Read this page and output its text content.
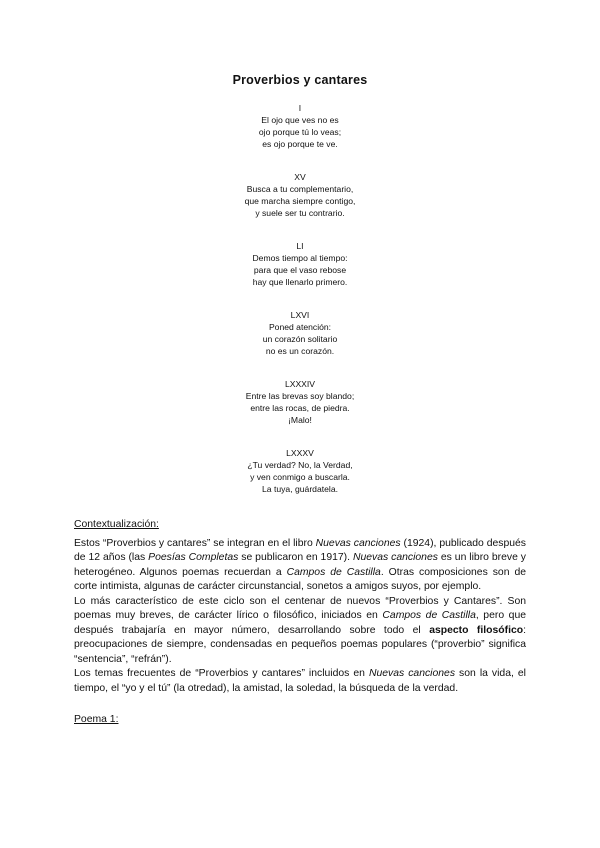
Proverbios y cantares
I
El ojo que ves no es
ojo porque tú lo veas;
es ojo porque te ve.
XV
Busca a tu complementario,
que marcha siempre contigo,
y suele ser tu contrario.
LI
Demos tiempo al tiempo:
para que el vaso rebose
hay que llenarlo primero.
LXVI
Poned atención:
un corazón solitario
no es un corazón.
LXXXIV
Entre las brevas soy blando;
entre las rocas, de piedra.
¡Malo!
LXXXV
¿Tu verdad? No, la Verdad,
y ven conmigo a buscarla.
La tuya, guárdatela.

Contextualización:

Estos “Proverbios y cantares” se integran en el libro Nuevas canciones (1924), publicado después de 12 años (las Poesías Completas se publicaron en 1917). Nuevas canciones es un libro breve y heterogéneo. Algunos poemas recuerdan a Campos de Castilla. Otras composiciones son de corte intimista, algunas de carácter circunstancial, sonetos a amigos suyos, por ejemplo.

Lo más característico de este ciclo son el centenar de nuevos “Proverbios y Cantares”. Son poemas muy breves, de carácter lírico o filosófico, iniciados en Campos de Castilla, pero que después trabajaría en mayor número, desarrollando sobre todo el aspecto filosófico: preocupaciones de siempre, condensadas en pequeños poemas populares (“proverbio” significa “sentencia”, “refrán”).

Los temas frecuentes de “Proverbios y cantares” incluidos en Nuevas canciones son la vida, el tiempo, el “yo y el tú” (la otredad), la amistad, la soledad, la búsqueda de la verdad.

Poema 1:
